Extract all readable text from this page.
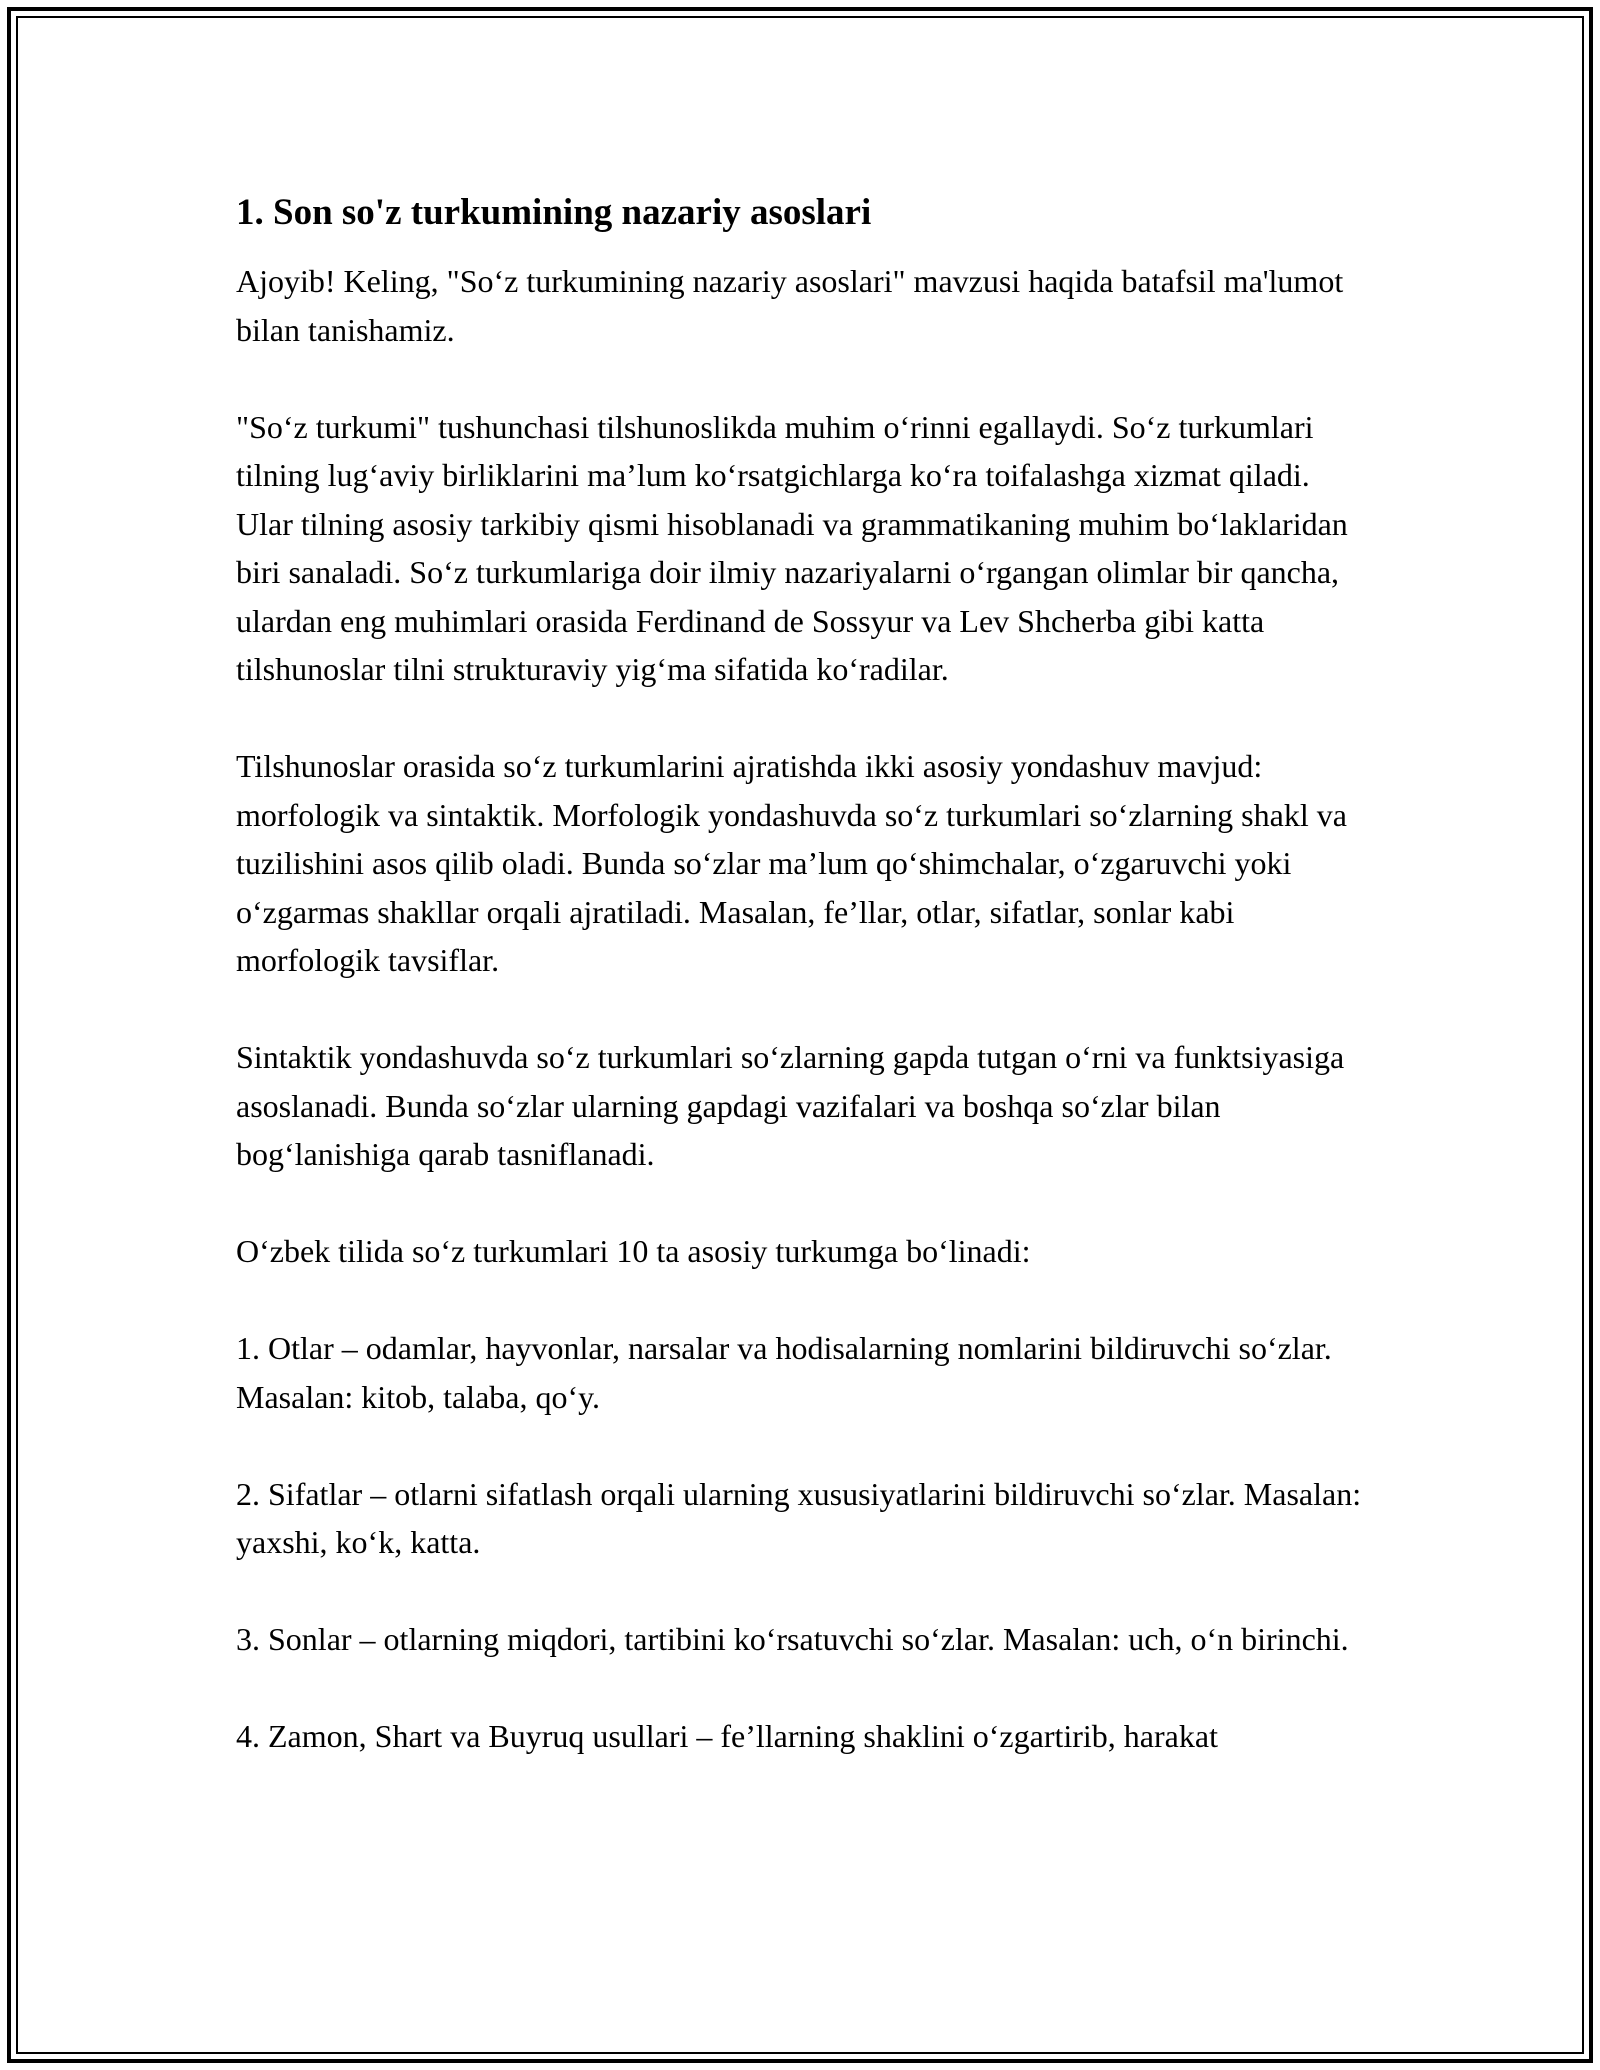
1. Son so'z turkumining nazariy asoslari

Ajoyib! Keling, "So‘z turkumining nazariy asoslari" mavzusi haqida batafsil ma'lumot bilan tanishamiz.

"So‘z turkumi" tushunchasi tilshunoslikda muhim o‘rinni egallaydi. So‘z turkumlari tilning lug‘aviy birliklarini ma’lum ko‘rsatgichlarga ko‘ra toifalashga xizmat qiladi. Ular tilning asosiy tarkibiy qismi hisoblanadi va grammatikaning muhim bo‘laklaridan biri sanaladi. So‘z turkumlariga doir ilmiy nazariyalarni o‘rgangan olimlar bir qancha, ulardan eng muhimlari orasida Ferdinand de Sossyur va Lev Shcherba gibi katta tilshunoslar tilni strukturaviy yig‘ma sifatida ko‘radilar.

Tilshunoslar orasida so‘z turkumlarini ajratishda ikki asosiy yondashuv mavjud: morfologik va sintaktik. Morfologik yondashuvda so‘z turkumlari so‘zlarning shakl va tuzilishini asos qilib oladi. Bunda so‘zlar ma’lum qo‘shimchalar, o‘zgaruvchi yoki o‘zgarmas shakllar orqali ajratiladi. Masalan, fe’llar, otlar, sifatlar, sonlar kabi morfologik tavsiflar.

Sintaktik yondashuvda so‘z turkumlari so‘zlarning gapda tutgan o‘rni va funktsiyasiga asoslanadi. Bunda so‘zlar ularning gapdagi vazifalari va boshqa so‘zlar bilan bog‘lanishiga qarab tasniflanadi.

O‘zbek tilida so‘z turkumlari 10 ta asosiy turkumga bo‘linadi:

1. Otlar – odamlar, hayvonlar, narsalar va hodisalarning nomlarini bildiruvchi so‘zlar. Masalan: kitob, talaba, qo‘y.

2. Sifatlar – otlarni sifatlash orqali ularning xususiyatlarini bildiruvchi so‘zlar. Masalan: yaxshi, ko‘k, katta.

3. Sonlar – otlarning miqdori, tartibini ko‘rsatuvchi so‘zlar. Masalan: uch, o‘n birinchi.

4. Zamon, Shart va Buyruq usullari – fe’llarning shaklini o‘zgartirib, harakat
